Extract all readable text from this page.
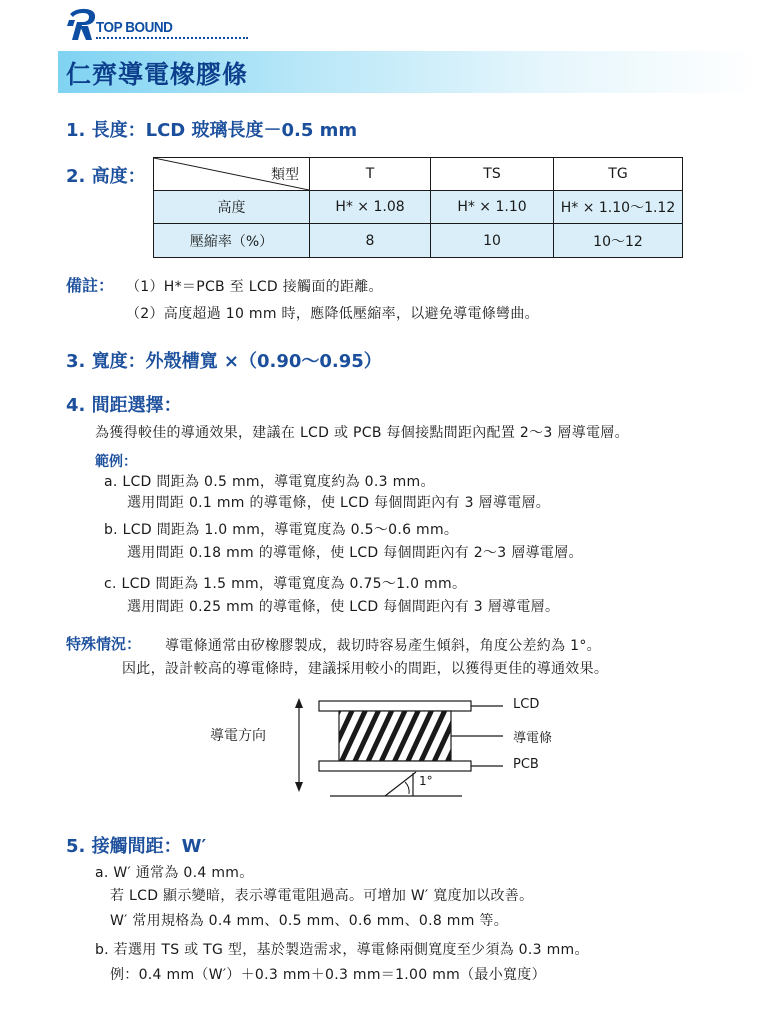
TOP BOUND
仁齊導電橡膠條
1. 長度：LCD 玻璃長度－0.5 mm
2. 高度：	類型	T	TS	TG
高度	H* × 1.08	H* × 1.10	H* × 1.10～1.12
壓縮率（%）	8	10	10～12
備註： （1）H*＝PCB 至 LCD 接觸面的距離。
（2）高度超過 10 mm 時，應降低壓縮率，以避免導電條彎曲。
3. 寬度：外殼槽寬 ×（0.90～0.95）
4. 間距選擇：
為獲得較佳的導通效果，建議在 LCD 或 PCB 每個接點間距內配置 2～3 層導電層。
範例：
a. LCD 間距為 0.5 mm，導電寬度約為 0.3 mm。
選用間距 0.1 mm 的導電條，使 LCD 每個間距內有 3 層導電層。
b. LCD 間距為 1.0 mm，導電寬度為 0.5～0.6 mm。
選用間距 0.18 mm 的導電條，使 LCD 每個間距內有 2～3 層導電層。
c. LCD 間距為 1.5 mm，導電寬度為 0.75～1.0 mm。
選用間距 0.25 mm 的導電條，使 LCD 每個間距內有 3 層導電層。
特殊情況： 導電條通常由矽橡膠製成，裁切時容易產生傾斜，角度公差約為 1°。
因此，設計較高的導電條時，建議採用較小的間距，以獲得更佳的導通效果。
導電方向
LCD
導電條
PCB
1°
5. 接觸間距：W′
a. W′ 通常為 0.4 mm。
若 LCD 顯示變暗，表示導電電阻過高。可增加 W′ 寬度加以改善。
W′ 常用規格為 0.4 mm、0.5 mm、0.6 mm、0.8 mm 等。
b. 若選用 TS 或 TG 型，基於製造需求，導電條兩側寬度至少須為 0.3 mm。
例：0.4 mm（W′）＋0.3 mm＋0.3 mm＝1.00 mm（最小寬度）
